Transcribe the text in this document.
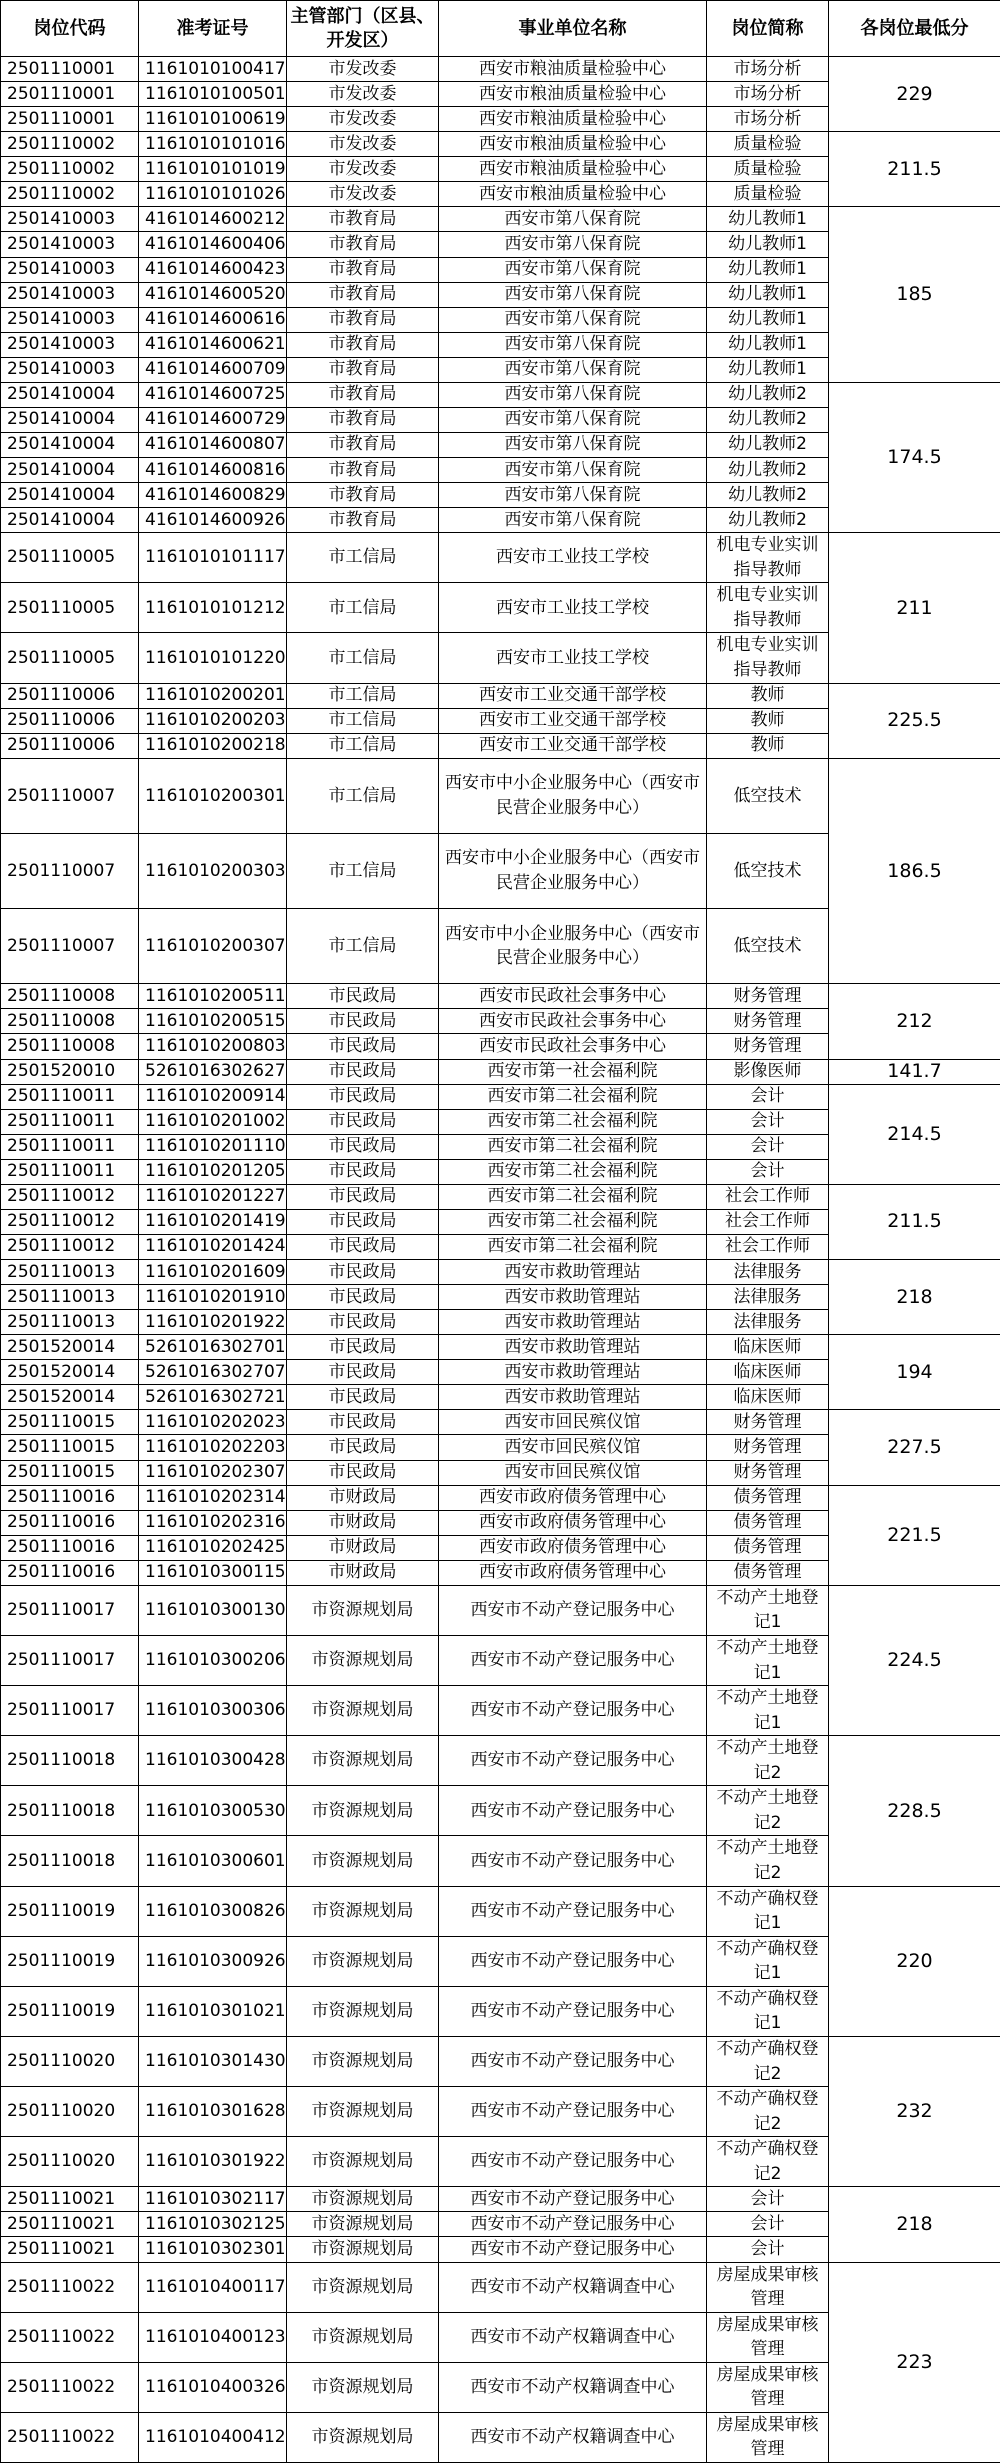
岗位代码	准考证号	主管部门（区县、开发区）	事业单位名称	岗位简称	各岗位最低分
2501110001	1161010100417	市发改委	西安市粮油质量检验中心	市场分析	229
2501110001	1161010100501	市发改委	西安市粮油质量检验中心	市场分析	
2501110001	1161010100619	市发改委	西安市粮油质量检验中心	市场分析	
2501110002	1161010101016	市发改委	西安市粮油质量检验中心	质量检验	211.5
2501110002	1161010101019	市发改委	西安市粮油质量检验中心	质量检验	
2501110002	1161010101026	市发改委	西安市粮油质量检验中心	质量检验	
2501410003	4161014600212	市教育局	西安市第八保育院	幼儿教师1	185
2501410003	4161014600406	市教育局	西安市第八保育院	幼儿教师1	
2501410003	4161014600423	市教育局	西安市第八保育院	幼儿教师1	
2501410003	4161014600520	市教育局	西安市第八保育院	幼儿教师1	
2501410003	4161014600616	市教育局	西安市第八保育院	幼儿教师1	
2501410003	4161014600621	市教育局	西安市第八保育院	幼儿教师1	
2501410003	4161014600709	市教育局	西安市第八保育院	幼儿教师1	
2501410004	4161014600725	市教育局	西安市第八保育院	幼儿教师2	174.5
2501410004	4161014600729	市教育局	西安市第八保育院	幼儿教师2	
2501410004	4161014600807	市教育局	西安市第八保育院	幼儿教师2	
2501410004	4161014600816	市教育局	西安市第八保育院	幼儿教师2	
2501410004	4161014600829	市教育局	西安市第八保育院	幼儿教师2	
2501410004	4161014600926	市教育局	西安市第八保育院	幼儿教师2	
2501110005	1161010101117	市工信局	西安市工业技工学校	机电专业实训指导教师	211
2501110005	1161010101212	市工信局	西安市工业技工学校	机电专业实训指导教师	
2501110005	1161010101220	市工信局	西安市工业技工学校	机电专业实训指导教师	
2501110006	1161010200201	市工信局	西安市工业交通干部学校	教师	225.5
2501110006	1161010200203	市工信局	西安市工业交通干部学校	教师	
2501110006	1161010200218	市工信局	西安市工业交通干部学校	教师	
2501110007	1161010200301	市工信局	西安市中小企业服务中心（西安市民营企业服务中心）	低空技术	186.5
2501110007	1161010200303	市工信局	西安市中小企业服务中心（西安市民营企业服务中心）	低空技术	
2501110007	1161010200307	市工信局	西安市中小企业服务中心（西安市民营企业服务中心）	低空技术	
2501110008	1161010200511	市民政局	西安市民政社会事务中心	财务管理	212
2501110008	1161010200515	市民政局	西安市民政社会事务中心	财务管理	
2501110008	1161010200803	市民政局	西安市民政社会事务中心	财务管理	
2501520010	5261016302627	市民政局	西安市第一社会福利院	影像医师	141.7
2501110011	1161010200914	市民政局	西安市第二社会福利院	会计	214.5
2501110011	1161010201002	市民政局	西安市第二社会福利院	会计	
2501110011	1161010201110	市民政局	西安市第二社会福利院	会计	
2501110011	1161010201205	市民政局	西安市第二社会福利院	会计	
2501110012	1161010201227	市民政局	西安市第二社会福利院	社会工作师	211.5
2501110012	1161010201419	市民政局	西安市第二社会福利院	社会工作师	
2501110012	1161010201424	市民政局	西安市第二社会福利院	社会工作师	
2501110013	1161010201609	市民政局	西安市救助管理站	法律服务	218
2501110013	1161010201910	市民政局	西安市救助管理站	法律服务	
2501110013	1161010201922	市民政局	西安市救助管理站	法律服务	
2501520014	5261016302701	市民政局	西安市救助管理站	临床医师	194
2501520014	5261016302707	市民政局	西安市救助管理站	临床医师	
2501520014	5261016302721	市民政局	西安市救助管理站	临床医师	
2501110015	1161010202023	市民政局	西安市回民殡仪馆	财务管理	227.5
2501110015	1161010202203	市民政局	西安市回民殡仪馆	财务管理	
2501110015	1161010202307	市民政局	西安市回民殡仪馆	财务管理	
2501110016	1161010202314	市财政局	西安市政府债务管理中心	债务管理	221.5
2501110016	1161010202316	市财政局	西安市政府债务管理中心	债务管理	
2501110016	1161010202425	市财政局	西安市政府债务管理中心	债务管理	
2501110016	1161010300115	市财政局	西安市政府债务管理中心	债务管理	
2501110017	1161010300130	市资源规划局	西安市不动产登记服务中心	不动产土地登记1	224.5
2501110017	1161010300206	市资源规划局	西安市不动产登记服务中心	不动产土地登记1	
2501110017	1161010300306	市资源规划局	西安市不动产登记服务中心	不动产土地登记1	
2501110018	1161010300428	市资源规划局	西安市不动产登记服务中心	不动产土地登记2	228.5
2501110018	1161010300530	市资源规划局	西安市不动产登记服务中心	不动产土地登记2	
2501110018	1161010300601	市资源规划局	西安市不动产登记服务中心	不动产土地登记2	
2501110019	1161010300826	市资源规划局	西安市不动产登记服务中心	不动产确权登记1	220
2501110019	1161010300926	市资源规划局	西安市不动产登记服务中心	不动产确权登记1	
2501110019	1161010301021	市资源规划局	西安市不动产登记服务中心	不动产确权登记1	
2501110020	1161010301430	市资源规划局	西安市不动产登记服务中心	不动产确权登记2	232
2501110020	1161010301628	市资源规划局	西安市不动产登记服务中心	不动产确权登记2	
2501110020	1161010301922	市资源规划局	西安市不动产登记服务中心	不动产确权登记2	
2501110021	1161010302117	市资源规划局	西安市不动产登记服务中心	会计	218
2501110021	1161010302125	市资源规划局	西安市不动产登记服务中心	会计	
2501110021	1161010302301	市资源规划局	西安市不动产登记服务中心	会计	
2501110022	1161010400117	市资源规划局	西安市不动产权籍调查中心	房屋成果审核管理	223
2501110022	1161010400123	市资源规划局	西安市不动产权籍调查中心	房屋成果审核管理	
2501110022	1161010400326	市资源规划局	西安市不动产权籍调查中心	房屋成果审核管理	
2501110022	1161010400412	市资源规划局	西安市不动产权籍调查中心	房屋成果审核管理	
